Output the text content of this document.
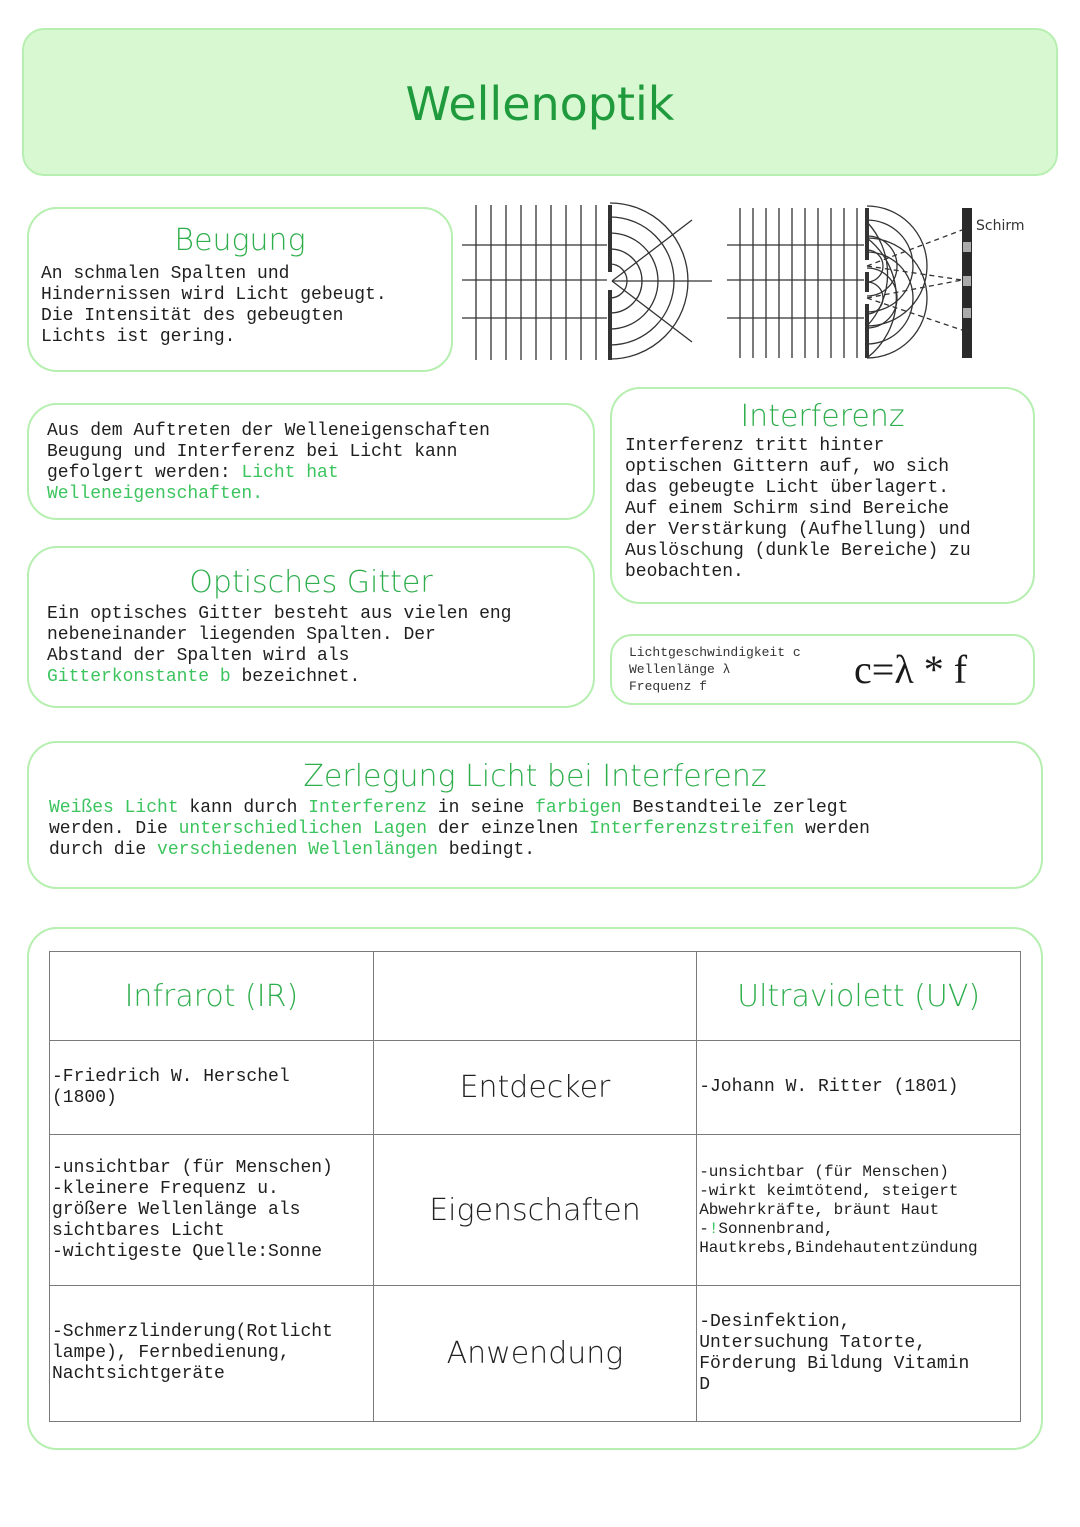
Wellenoptik
Beugung
An schmalen Spalten und
Hindernissen wird Licht gebeugt.
Die Intensität des gebeugten
Lichts ist gering.
Schirm
Aus dem Auftreten der Welleneigenschaften
Beugung und Interferenz bei Licht kann
gefolgert werden: Licht hat
Welleneigenschaften.
Interferenz
Interferenz tritt hinter
optischen Gittern auf, wo sich
das gebeugte Licht überlagert.
Auf einem Schirm sind Bereiche
der Verstärkung (Aufhellung) und
Auslöschung (dunkle Bereiche) zu
beobachten.
Optisches Gitter
Ein optisches Gitter besteht aus vielen eng
nebeneinander liegenden Spalten. Der
Abstand der Spalten wird als
Gitterkonstante b bezeichnet.
Lichtgeschwindigkeit c
Wellenlänge λ
Frequenz f	c=λ * f
Zerlegung Licht bei Interferenz
Weißes Licht kann durch Interferenz in seine farbigen Bestandteile zerlegt
werden. Die unterschiedlichen Lagen der einzelnen Interferenzstreifen werden
durch die verschiedenen Wellenlängen bedingt.
Infrarot (IR)		Ultraviolett (UV)
-Friedrich W. Herschel
(1800)	Entdecker	-Johann W. Ritter (1801)
-unsichtbar (für Menschen)
-kleinere Frequenz u.
größere Wellenlänge als
sichtbares Licht
-wichtigeste Quelle:Sonne	Eigenschaften	-unsichtbar (für Menschen)
-wirkt keimtötend, steigert
Abwehrkräfte, bräunt Haut
-!Sonnenbrand,
Hautkrebs,Bindehautentzündung
-Schmerzlinderung(Rotlicht
lampe), Fernbedienung,
Nachtsichtgeräte	Anwendung	-Desinfektion,
Untersuchung Tatorte,
Förderung Bildung Vitamin
D
